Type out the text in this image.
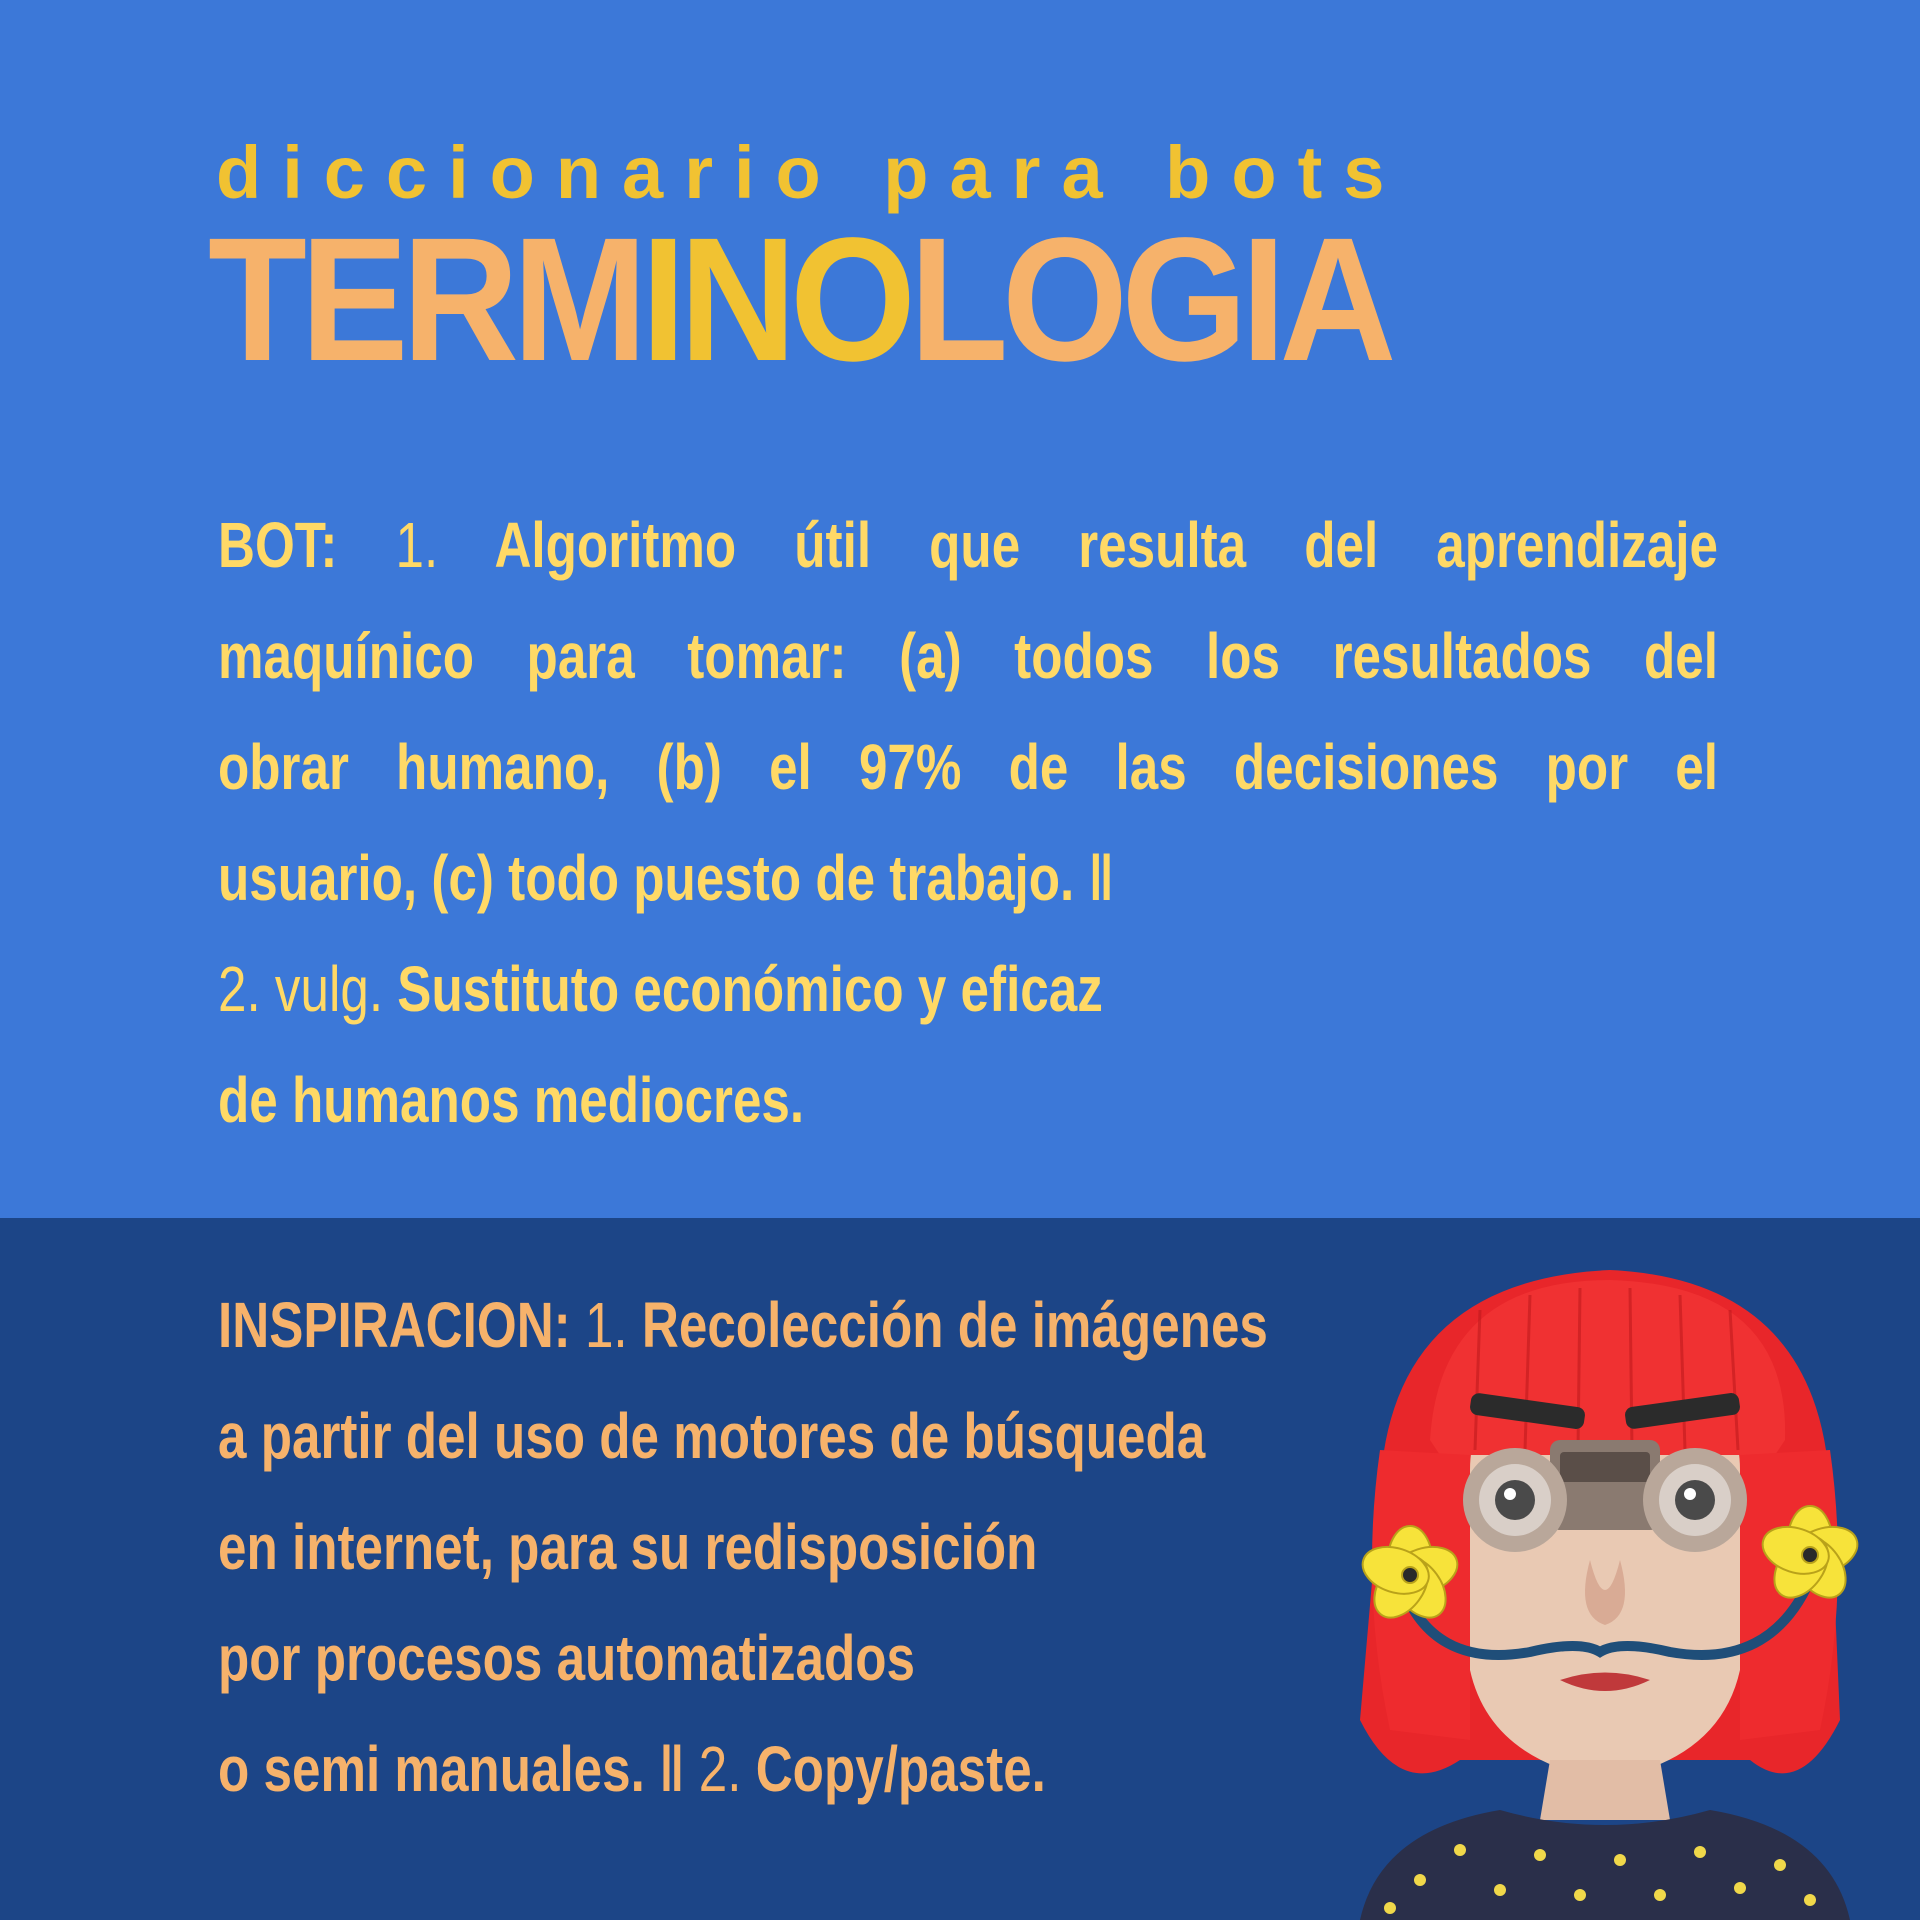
diccionario para bots
TERMINOLOGIA
BOT: 1. Algoritmo útil que resulta del aprendizaje
maquínico para tomar: (a) todos los resultados del
obrar humano, (b) el 97% de las decisiones por el
usuario, (c) todo puesto de trabajo. ǁ
2. vulg. Sustituto económico y eficaz
de humanos mediocres.
INSPIRACION: 1. Recolección de imágenes
a partir del uso de motores de búsqueda
en internet, para su redisposición
por procesos automatizados
o semi manuales. ǁ 2. Copy/paste.
